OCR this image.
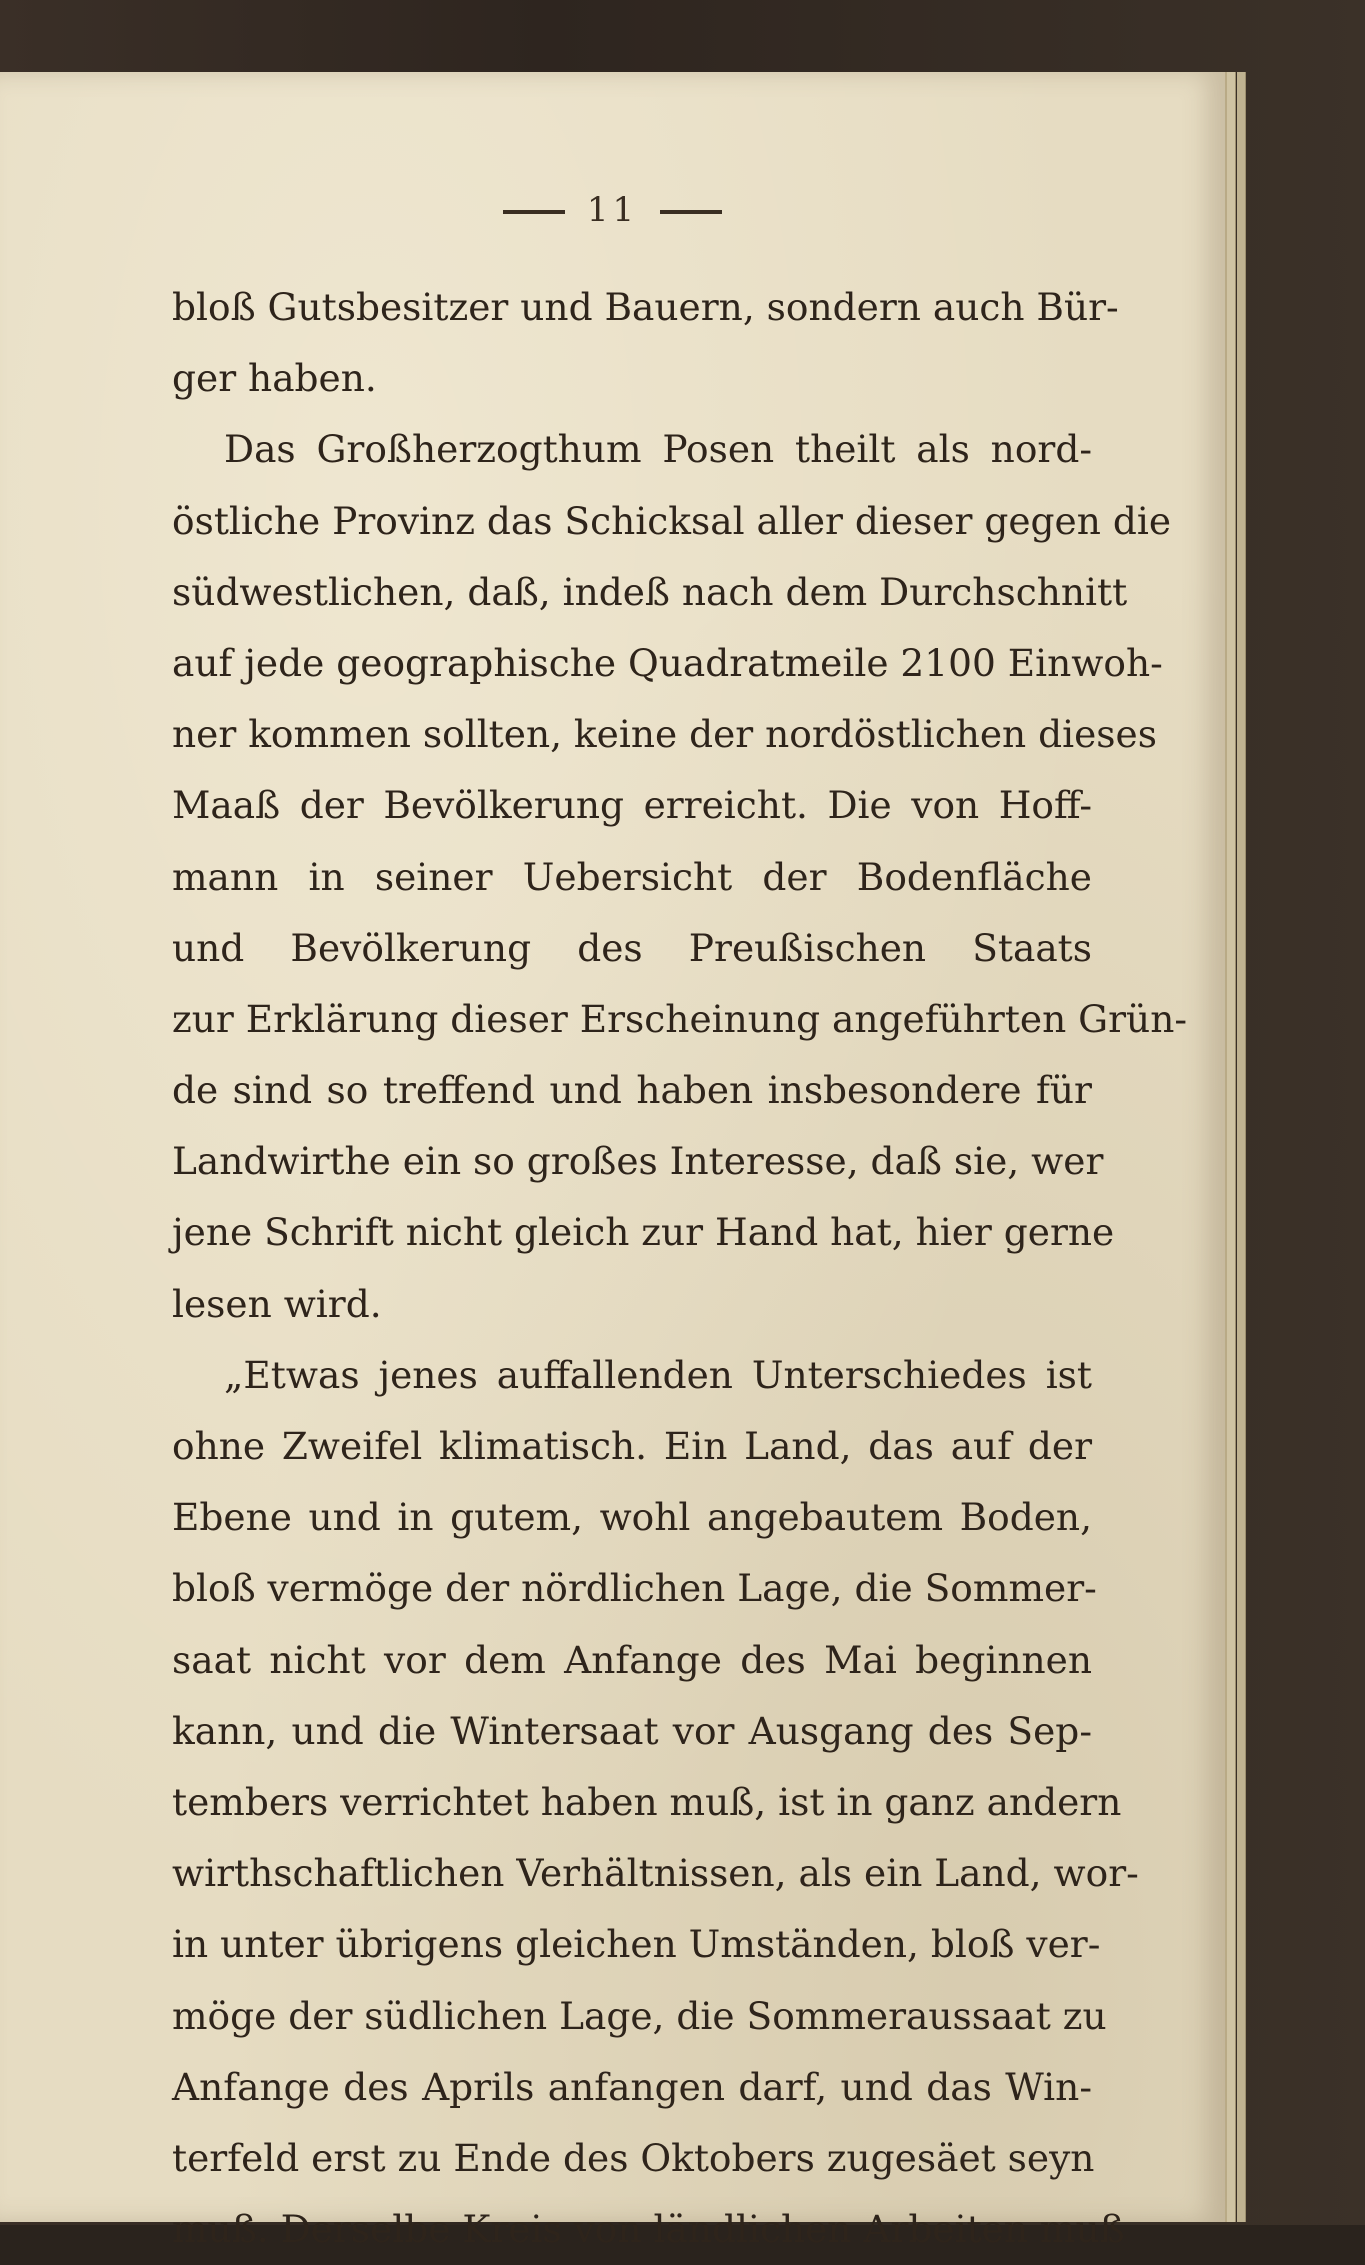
11
bloß Gutsbesitzer und Bauern, sondern auch Bür-
ger haben.
Das Großherzogthum Posen theilt als nord-
östliche Provinz das Schicksal aller dieser gegen die
südwestlichen, daß, indeß nach dem Durchschnitt
auf jede geographische Quadratmeile 2100 Einwoh-
ner kommen sollten, keine der nordöstlichen dieses
Maaß der Bevölkerung erreicht. Die von Hoff-
mann in seiner Uebersicht der Bodenfläche
und Bevölkerung des Preußischen Staats
zur Erklärung dieser Erscheinung angeführten Grün-
de sind so treffend und haben insbesondere für
Landwirthe ein so großes Interesse, daß sie, wer
jene Schrift nicht gleich zur Hand hat, hier gerne
lesen wird.
„Etwas jenes auffallenden Unterschiedes ist
ohne Zweifel klimatisch. Ein Land, das auf der
Ebene und in gutem, wohl angebautem Boden,
bloß vermöge der nördlichen Lage, die Sommer-
saat nicht vor dem Anfange des Mai beginnen
kann, und die Wintersaat vor Ausgang des Sep-
tembers verrichtet haben muß, ist in ganz andern
wirthschaftlichen Verhältnissen, als ein Land, wor-
in unter übrigens gleichen Umständen, bloß ver-
möge der südlichen Lage, die Sommeraussaat zu
Anfange des Aprils anfangen darf, und das Win-
terfeld erst zu Ende des Oktobers zugesäet seyn
muß. Derselbe Kreis von ländlichen Arbeiten muß
